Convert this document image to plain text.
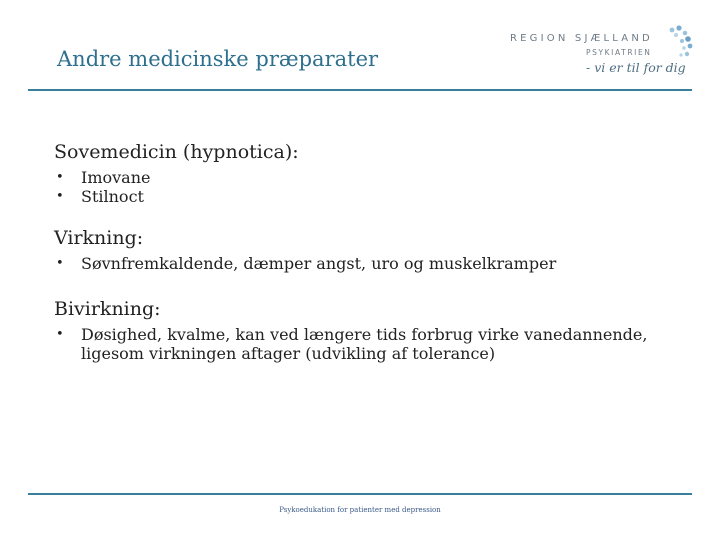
Andre medicinske præparater

REGION SJÆLLAND

PSYKIATRIEN

- vi er til for dig

Sovemedicin (hypnotica):
• Imovane
• Stilnoct
Virkning:
• Søvnfremkaldende, dæmper angst, uro og muskelkramper
Bivirkning:
• Døsighed, kvalme, kan ved længere tids forbrug virke vanedannende, ligesom virkningen aftager (udvikling af tolerance)
Psykoedukation for patienter med depression
